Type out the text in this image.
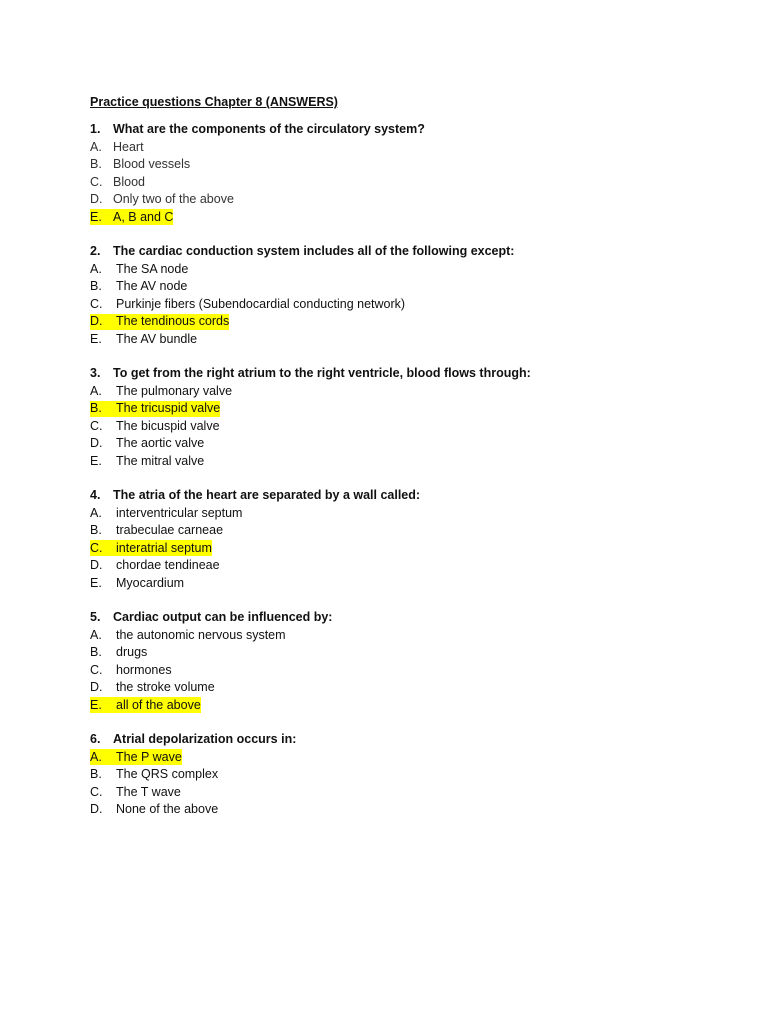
Practice questions Chapter 8 (ANSWERS)
1.	What are the components of the circulatory system?
A. Heart
B. Blood vessels
C. Blood
D. Only two of the above
E. A, B and C
2.	The cardiac conduction system includes all of the following except:
A.	The SA node
B.	The AV node
C.	Purkinje fibers (Subendocardial conducting network)
D.	The tendinous cords
E.	The AV bundle
3.	To get from the right atrium to the right ventricle, blood flows through:
A.	The pulmonary valve
B.	The tricuspid valve
C.	The bicuspid valve
D.	The aortic valve
E.	The mitral valve
4.	The atria of the heart are separated by a wall called:
A.	interventricular septum
B.	trabeculae carneae
C.	interatrial septum
D.	chordae tendineae
E.	Myocardium
5.	Cardiac output can be influenced by:
A.	the autonomic nervous system
B.	drugs
C.	hormones
D.	the stroke volume
E.	all of the above
6.	Atrial depolarization occurs in:
A.	The P wave
B.	The QRS complex
C.	The T wave
D.	None of the above
